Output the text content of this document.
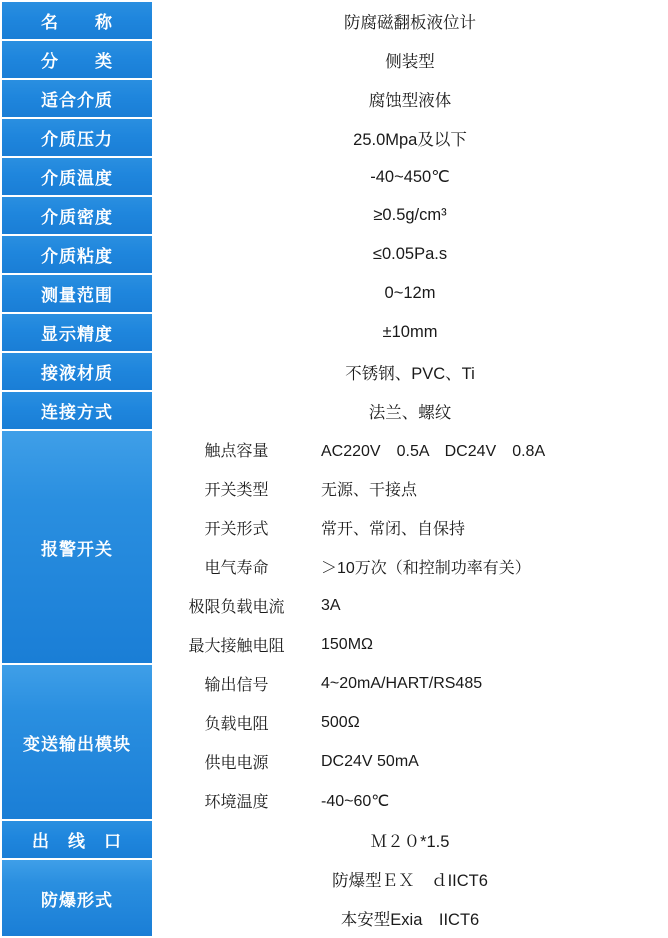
名　　称	防腐磁翻板液位计
分　　类	侧装型
适合介质	腐蚀型液体
介质压力	25.0Mpa及以下
介质温度	-40~450℃
介质密度	≥0.5g/cm³
介质粘度	≤0.05Pa.s
测量范围	0~12m
显示精度	±10mm
接液材质	不锈钢、PVC、Ti
连接方式	法兰、螺纹
报警开关	
触点容量	AC220V　0.5A　DC24V　0.8A
开关类型	无源、干接点
开关形式	常开、常闭、自保持
电气寿命	＞10万次（和控制功率有关）
极限负载电流	3A
最大接触电阻	150MΩ

变送输出模块	
输出信号	4~20mA/HART/RS485
负载电阻	500Ω
供电电源	DC24V 50mA
环境温度	-40~60℃

出　线　口	Ｍ２０*1.5
防爆形式	
防爆型ＥＸ　ｄIICT6
本安型Exia　IICT6
